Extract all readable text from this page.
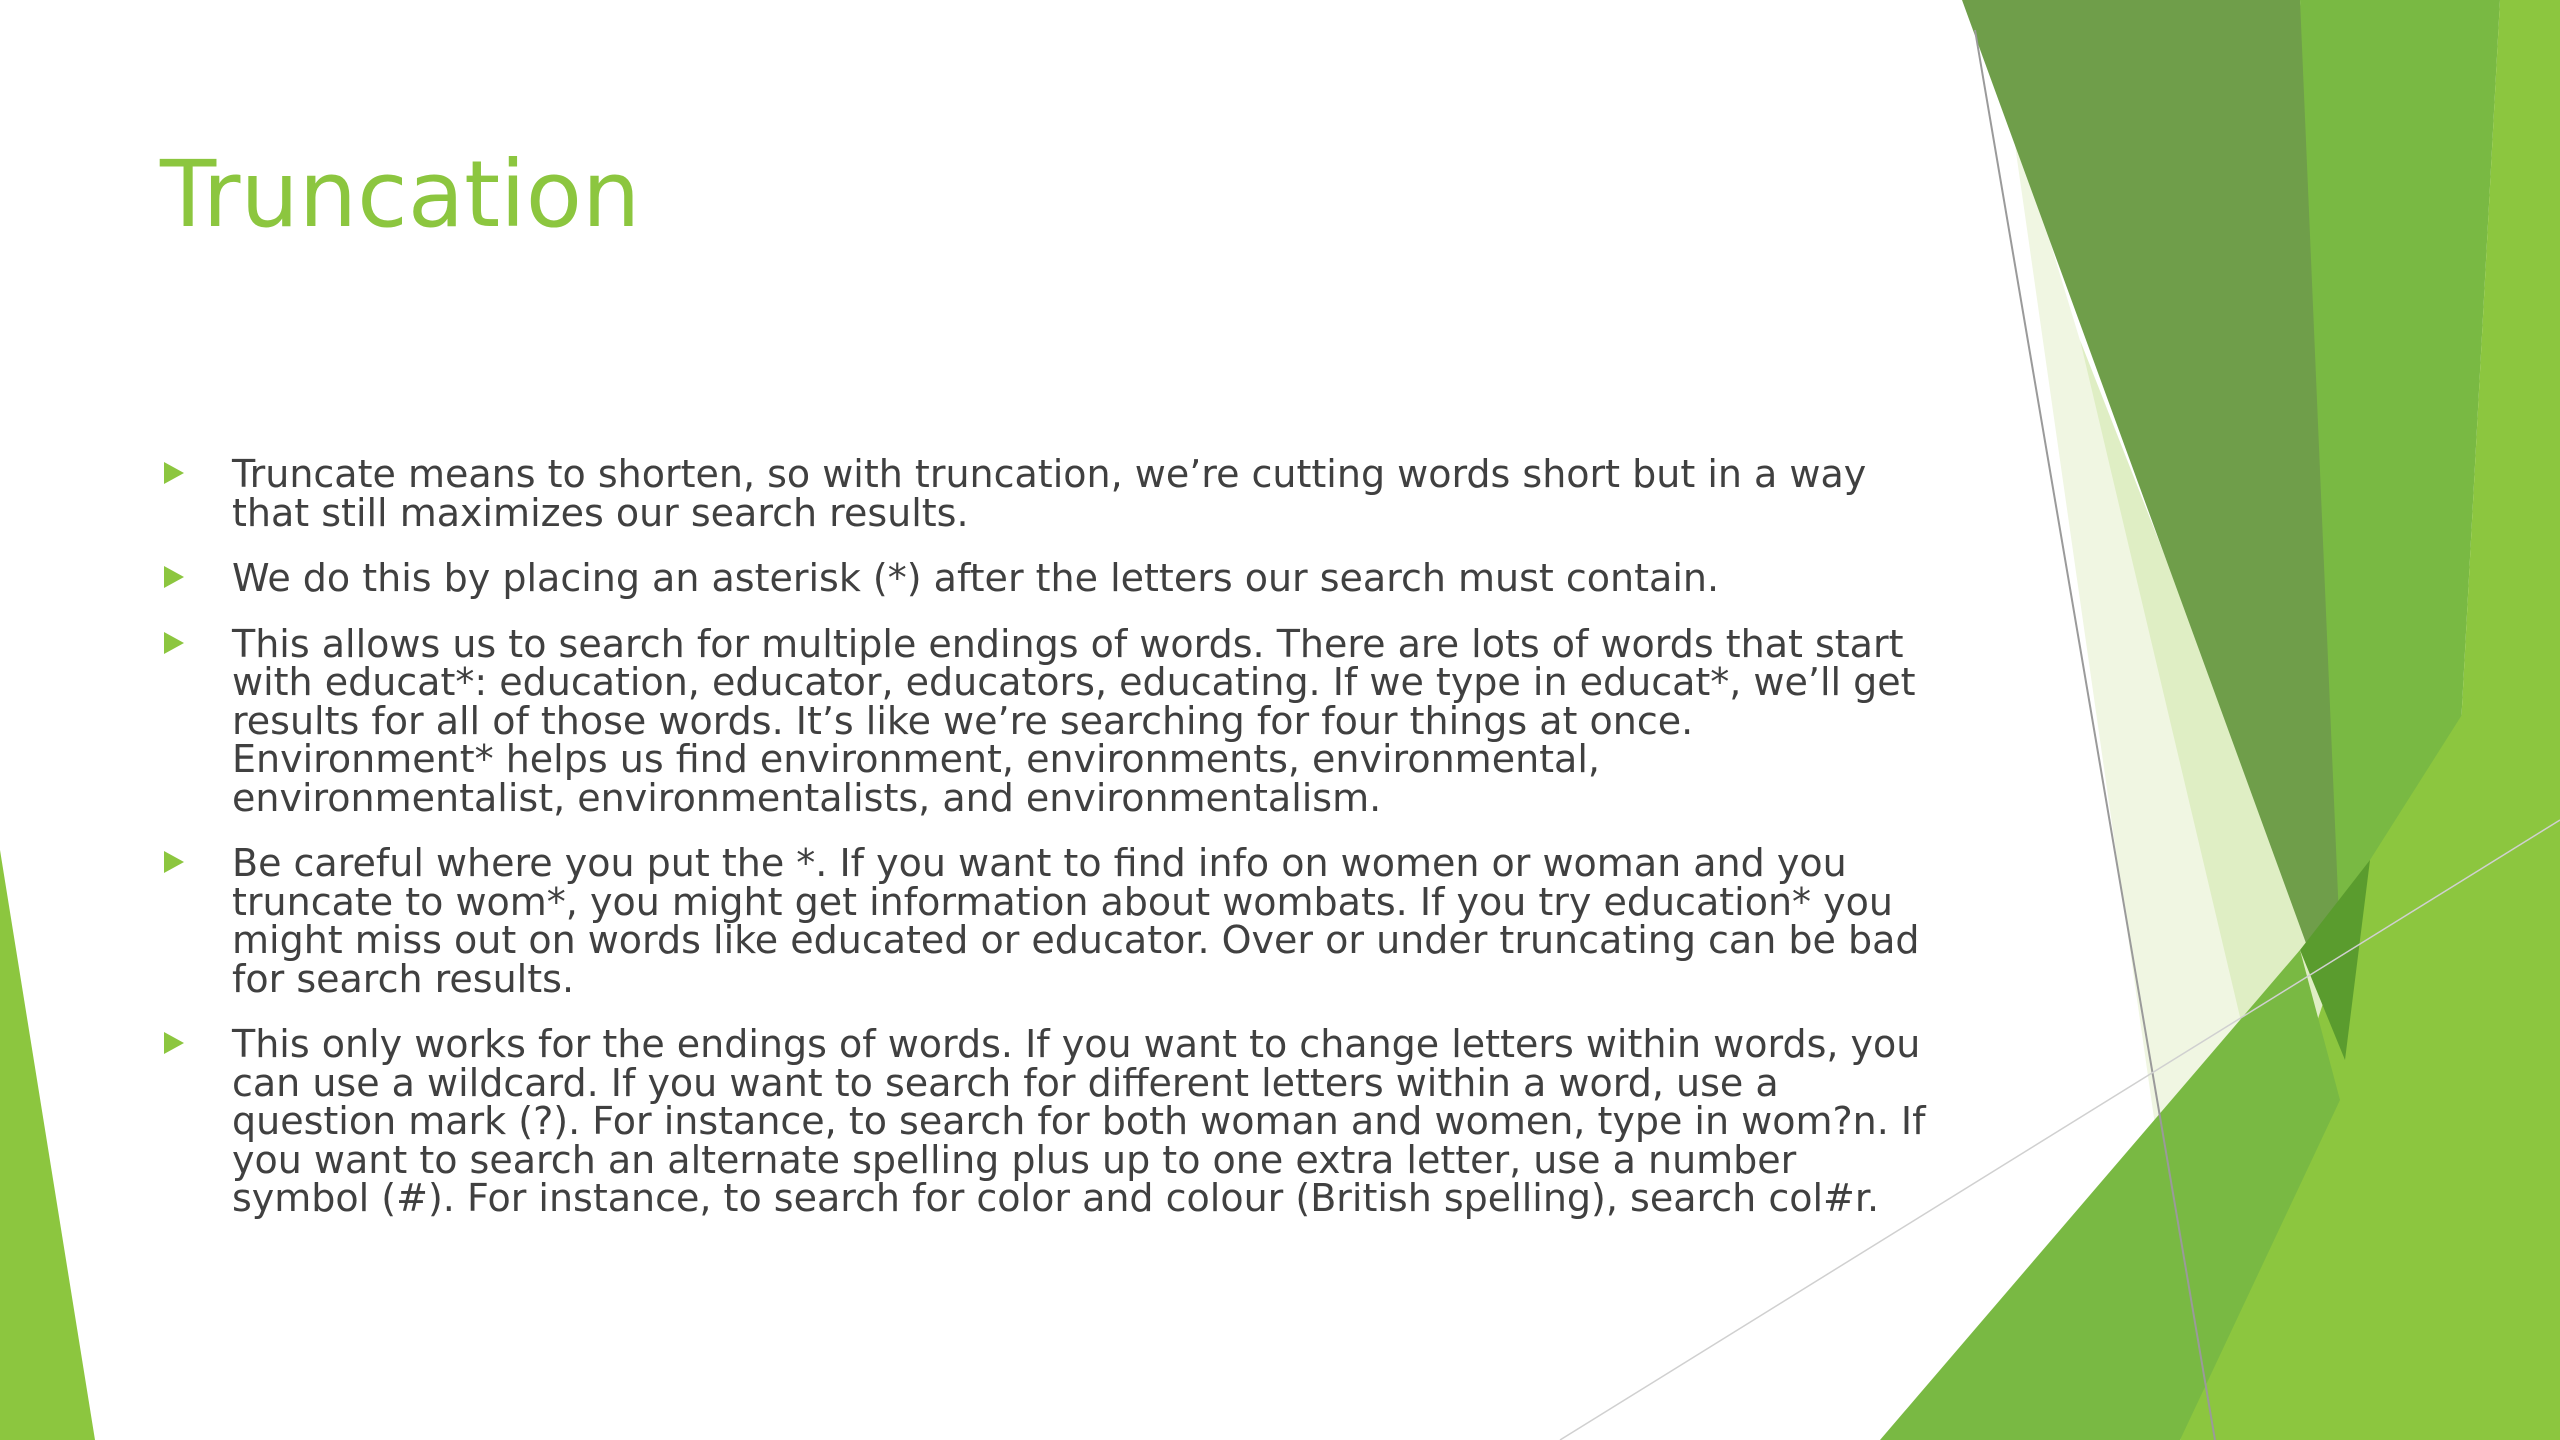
Truncation
Truncate means to shorten, so with truncation, we’re cutting words short but in a way that still maximizes our search results.
We do this by placing an asterisk (*) after the letters our search must contain.
This allows us to search for multiple endings of words. There are lots of words that start with educat*: education, educator, educators, educating. If we type in educat*, we’ll get results for all of those words. It’s like we’re searching for four things at once. Environment* helps us find environment, environments, environmental, environmentalist, environmentalists, and environmentalism.
Be careful where you put the *. If you want to find info on women or woman and you truncate to wom*, you might get information about wombats. If you try education* you might miss out on words like educated or educator. Over or under truncating can be bad for search results.
This only works for the endings of words. If you want to change letters within words, you can use a wildcard. If you want to search for different letters within a word, use a question mark (?). For instance, to search for both woman and women, type in wom?n. If you want to search an alternate spelling plus up to one extra letter, use a number symbol (#). For instance, to search for color and colour (British spelling), search col#r.
